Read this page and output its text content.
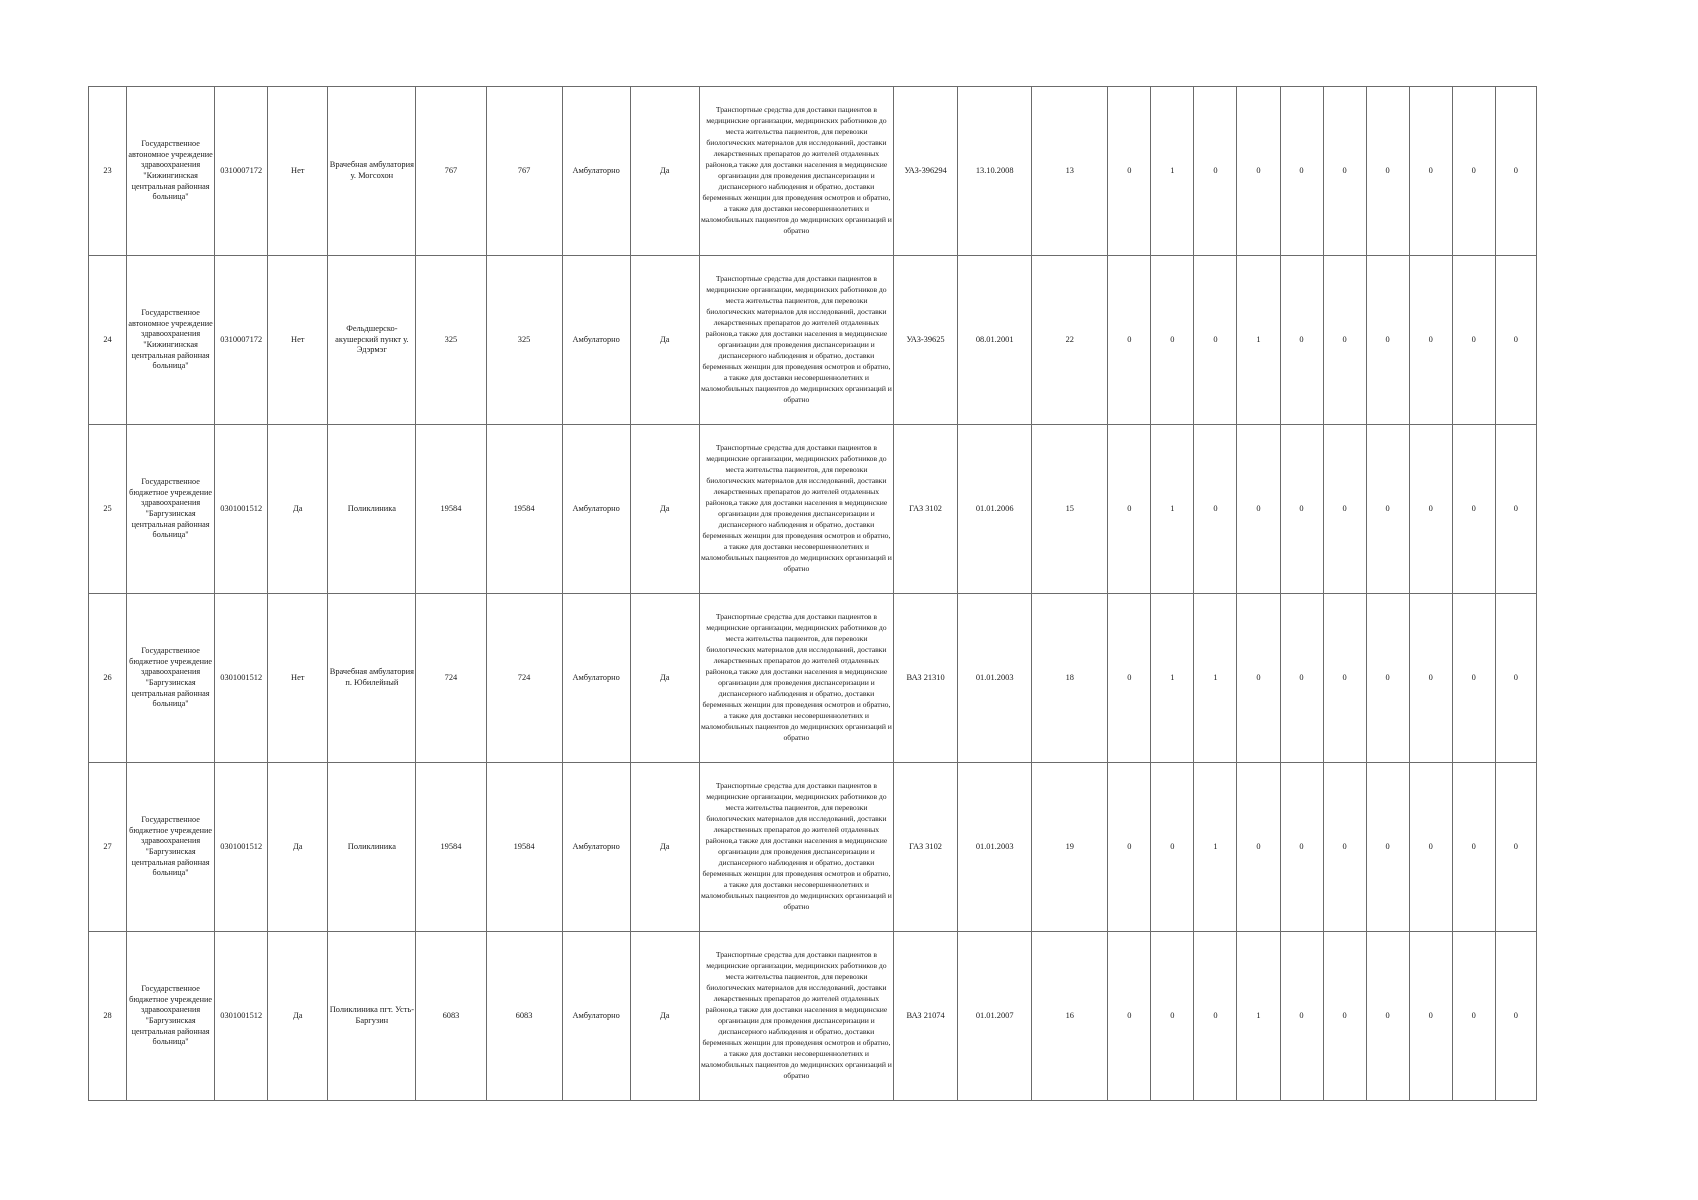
23	Государственное автономное учреждение здравоохранения "Кижингинская центральная районная больница"	0310007172	Нет	Врачебная амбулатория у. Могсохон	767	767	Амбулаторно	Да	Транспортные средства для доставки пациентов в медицинские организации, медицинских работников до места жительства пациентов, для перевозки биологических материалов для исследований, доставки лекарственных препаратов до жителей отдаленных районов,а также для доставки населения в медицинские организации для проведения диспансеризации и диспансерного наблюдения и обратно, доставки беременных женщин для проведения осмотров и обратно, а также для доставки несовершеннолетних и маломобильных пациентов до медицинских организаций и обратно	УАЗ-396294	13.10.2008	13	0	1	0	0	0	0	0	0	0	0
24	Государственное автономное учреждение здравоохранения "Кижингинская центральная районная больница"	0310007172	Нет	Фельдшерско-акушерский пункт у. Эдэрмэг	325	325	Амбулаторно	Да	Транспортные средства для доставки пациентов в медицинские организации, медицинских работников до места жительства пациентов, для перевозки биологических материалов для исследований, доставки лекарственных препаратов до жителей отдаленных районов,а также для доставки населения в медицинские организации для проведения диспансеризации и диспансерного наблюдения и обратно, доставки беременных женщин для проведения осмотров и обратно, а также для доставки несовершеннолетних и маломобильных пациентов до медицинских организаций и обратно	УАЗ-39625	08.01.2001	22	0	0	0	1	0	0	0	0	0	0
25	Государственное бюджетное учреждение здравоохранения "Баргузинская центральная районная больница"	0301001512	Да	Поликлиника	19584	19584	Амбулаторно	Да	Транспортные средства для доставки пациентов в медицинские организации, медицинских работников до места жительства пациентов, для перевозки биологических материалов для исследований, доставки лекарственных препаратов до жителей отдаленных районов,а также для доставки населения в медицинские организации для проведения диспансеризации и диспансерного наблюдения и обратно, доставки беременных женщин для проведения осмотров и обратно, а также для доставки несовершеннолетних и маломобильных пациентов до медицинских организаций и обратно	ГАЗ 3102	01.01.2006	15	0	1	0	0	0	0	0	0	0	0
26	Государственное бюджетное учреждение здравоохранения "Баргузинская центральная районная больница"	0301001512	Нет	Врачебная амбулатория п. Юбилейный	724	724	Амбулаторно	Да	Транспортные средства для доставки пациентов в медицинские организации, медицинских работников до места жительства пациентов, для перевозки биологических материалов для исследований, доставки лекарственных препаратов до жителей отдаленных районов,а также для доставки населения в медицинские организации для проведения диспансеризации и диспансерного наблюдения и обратно, доставки беременных женщин для проведения осмотров и обратно, а также для доставки несовершеннолетних и маломобильных пациентов до медицинских организаций и обратно	ВАЗ 21310	01.01.2003	18	0	1	1	0	0	0	0	0	0	0
27	Государственное бюджетное учреждение здравоохранения "Баргузинская центральная районная больница"	0301001512	Да	Поликлиника	19584	19584	Амбулаторно	Да	Транспортные средства для доставки пациентов в медицинские организации, медицинских работников до места жительства пациентов, для перевозки биологических материалов для исследований, доставки лекарственных препаратов до жителей отдаленных районов,а также для доставки населения в медицинские организации для проведения диспансеризации и диспансерного наблюдения и обратно, доставки беременных женщин для проведения осмотров и обратно, а также для доставки несовершеннолетних и маломобильных пациентов до медицинских организаций и обратно	ГАЗ 3102	01.01.2003	19	0	0	1	0	0	0	0	0	0	0
28	Государственное бюджетное учреждение здравоохранения "Баргузинская центральная районная больница"	0301001512	Да	Поликлиника пгт. Усть-Баргузин	6083	6083	Амбулаторно	Да	Транспортные средства для доставки пациентов в медицинские организации, медицинских работников до места жительства пациентов, для перевозки биологических материалов для исследований, доставки лекарственных препаратов до жителей отдаленных районов,а также для доставки населения в медицинские организации для проведения диспансеризации и диспансерного наблюдения и обратно, доставки беременных женщин для проведения осмотров и обратно, а также для доставки несовершеннолетних и маломобильных пациентов до медицинских организаций и обратно	ВАЗ 21074	01.01.2007	16	0	0	0	1	0	0	0	0	0	0
